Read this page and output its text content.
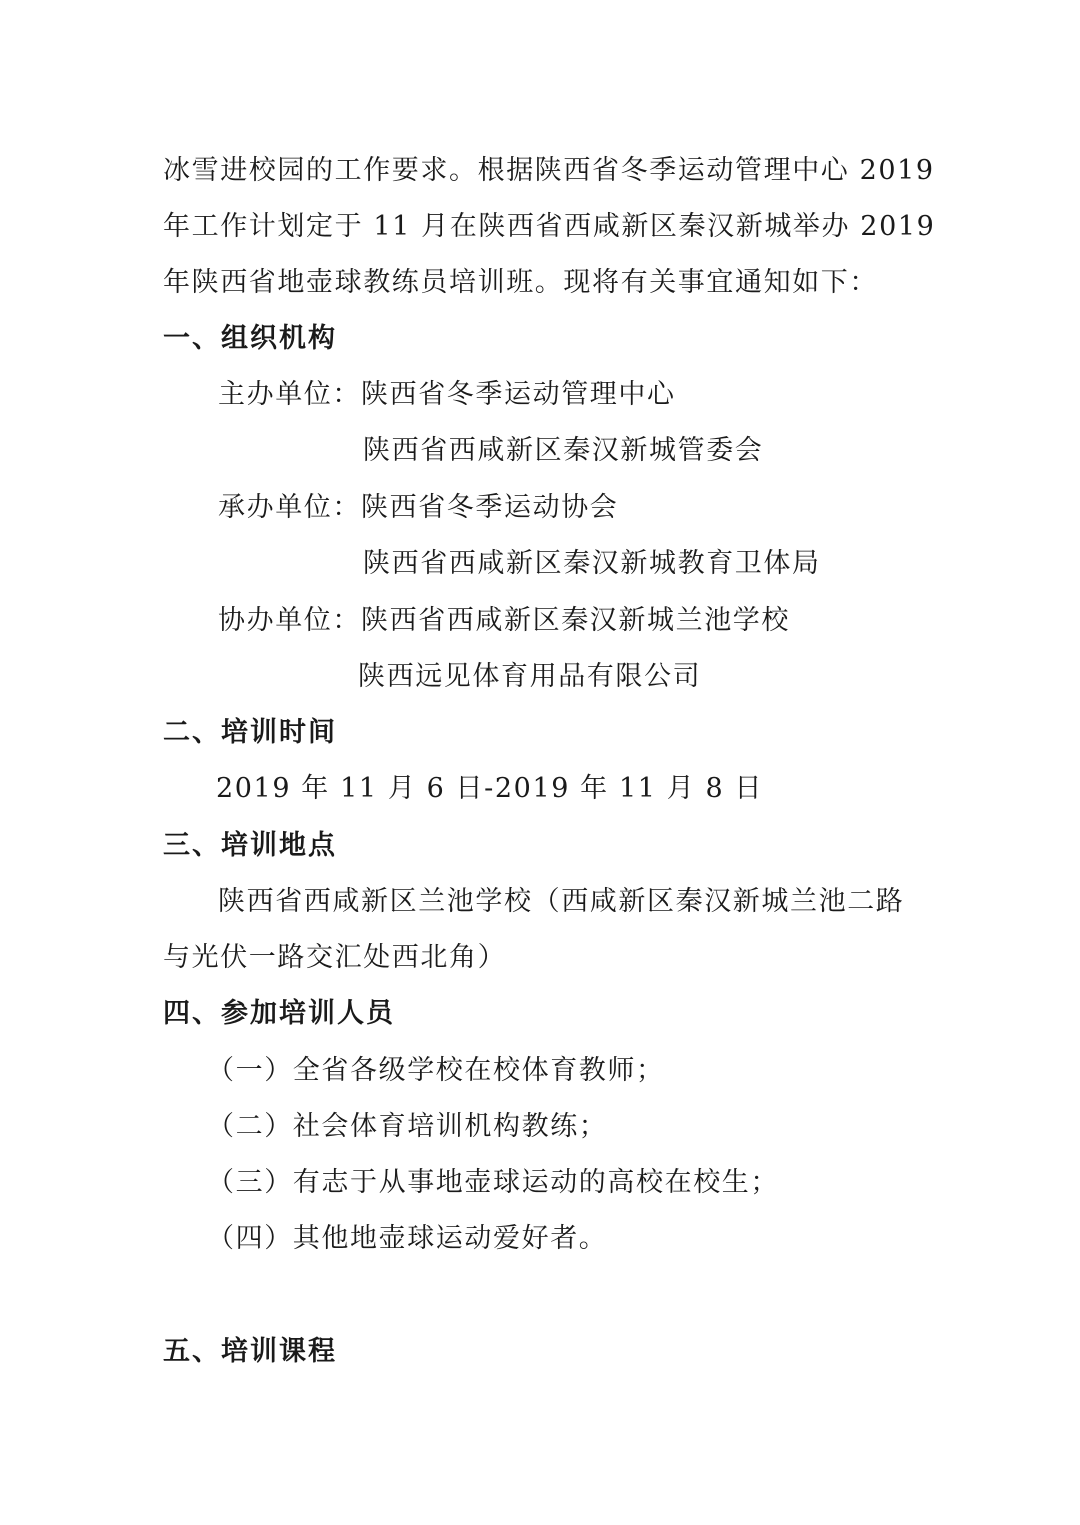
冰雪进校园的工作要求。根据陕西省冬季运动管理中心 2019
年工作计划定于 11 月在陕西省西咸新区秦汉新城举办 2019
年陕西省地壶球教练员培训班。现将有关事宜通知如下：
一、组织机构
主办单位：陕西省冬季运动管理中心
陕西省西咸新区秦汉新城管委会
承办单位：陕西省冬季运动协会
陕西省西咸新区秦汉新城教育卫体局
协办单位：陕西省西咸新区秦汉新城兰池学校
陕西远见体育用品有限公司
二、培训时间
2019 年 11 月 6 日-2019 年 11 月 8 日
三、培训地点
陕西省西咸新区兰池学校（西咸新区秦汉新城兰池二路
与光伏一路交汇处西北角）
四、参加培训人员
（一）全省各级学校在校体育教师；
（二）社会体育培训机构教练；
（三）有志于从事地壶球运动的高校在校生；
（四）其他地壶球运动爱好者。
五、培训课程
